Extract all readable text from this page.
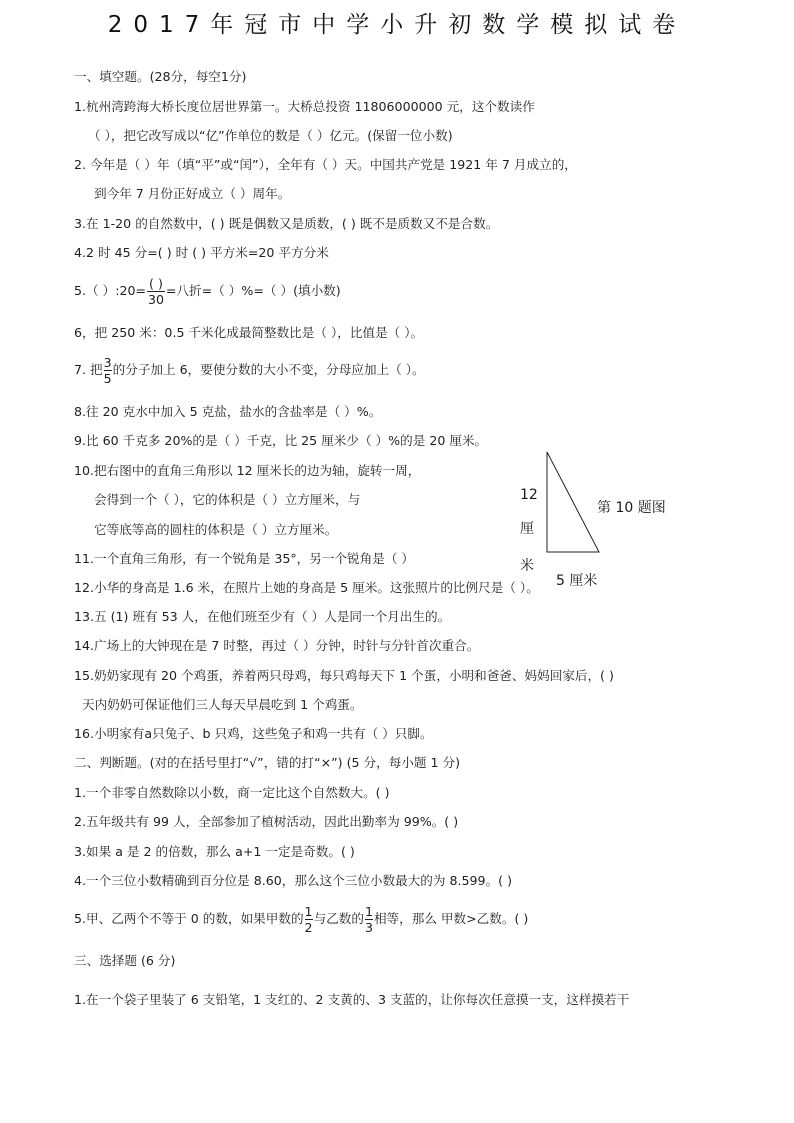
2017年冠市中学小升初数学模拟试卷
一、填空题。(28分，每空1分)
1.杭州湾跨海大桥长度位居世界第一。大桥总投资 11806000000 元，这个数读作
（ ），把它改写成以“亿”作单位的数是（ ）亿元。(保留一位小数)
2. 今年是（ ）年（填“平”或“闰”），全年有（ ）天。中国共产党是 1921 年 7 月成立的，
到今年 7 月份正好成立（ ）周年。
3.在 1-20 的自然数中，( ) 既是偶数又是质数，( ) 既不是质数又不是合数。
4.2 时 45 分=( ) 时 ( ) 平方米=20 平方分米
5.（ ）:20= $\frac{( )}{30}$ =八折=（ ）%=（ ）(填小数)
6，把 250 米：0.5 千米化成最简整数比是（ ），比值是（ ）。
7. 把 $\frac{3}{5}$ 的分子加上 6，要使分数的大小不变，分母应加上（ ）。
8.往 20 克水中加入 5 克盐，盐水的含盐率是（ ）%。
9.比 60 千克多 20%的是（ ）千克，比 25 厘米少（ ）%的是 20 厘米。
10.把右图中的直角三角形以 12 厘米长的边为轴，旋转一周，
会得到一个（ ），它的体积是（ ）立方厘米，与
它等底等高的圆柱的体积是（ ）立方厘米。
12
厘
米
5 厘米
第 10 题图
11.一个直角三角形，有一个锐角是 35°，另一个锐角是（ ）
12.小华的身高是 1.6 米，在照片上她的身高是 5 厘米。这张照片的比例尺是（ ）。
13.五 (1) 班有 53 人，在他们班至少有（ ）人是同一个月出生的。
14.广场上的大钟现在是 7 时整，再过（ ）分钟，时针与分针首次重合。
15.奶奶家现有 20 个鸡蛋，养着两只母鸡，每只鸡每天下 1 个蛋，小明和爸爸、妈妈回家后，( )
天内奶奶可保证他们三人每天早晨吃到 1 个鸡蛋。
16.小明家有a只兔子、b 只鸡，这些兔子和鸡一共有（ ）只脚。
二、判断题。(对的在括号里打“√”，错的打“×”) (5 分，每小题 1 分)
1.一个非零自然数除以小数，商一定比这个自然数大。( )
2.五年级共有 99 人，全部参加了植树活动，因此出勤率为 99%。( )
3.如果 a 是 2 的倍数，那么 a+1 一定是奇数。( )
4.一个三位小数精确到百分位是 8.60，那么这个三位小数最大的为 8.599。( )
5.甲、乙两个不等于 0 的数，如果甲数的 $\frac{1}{2}$ 与乙数的 $\frac{1}{3}$ 相等，那么 甲数>乙数。( )
三、选择题 (6 分)
1.在一个袋子里装了 6 支铅笔，1 支红的、2 支黄的、3 支蓝的，让你每次任意摸一支，这样摸若干
